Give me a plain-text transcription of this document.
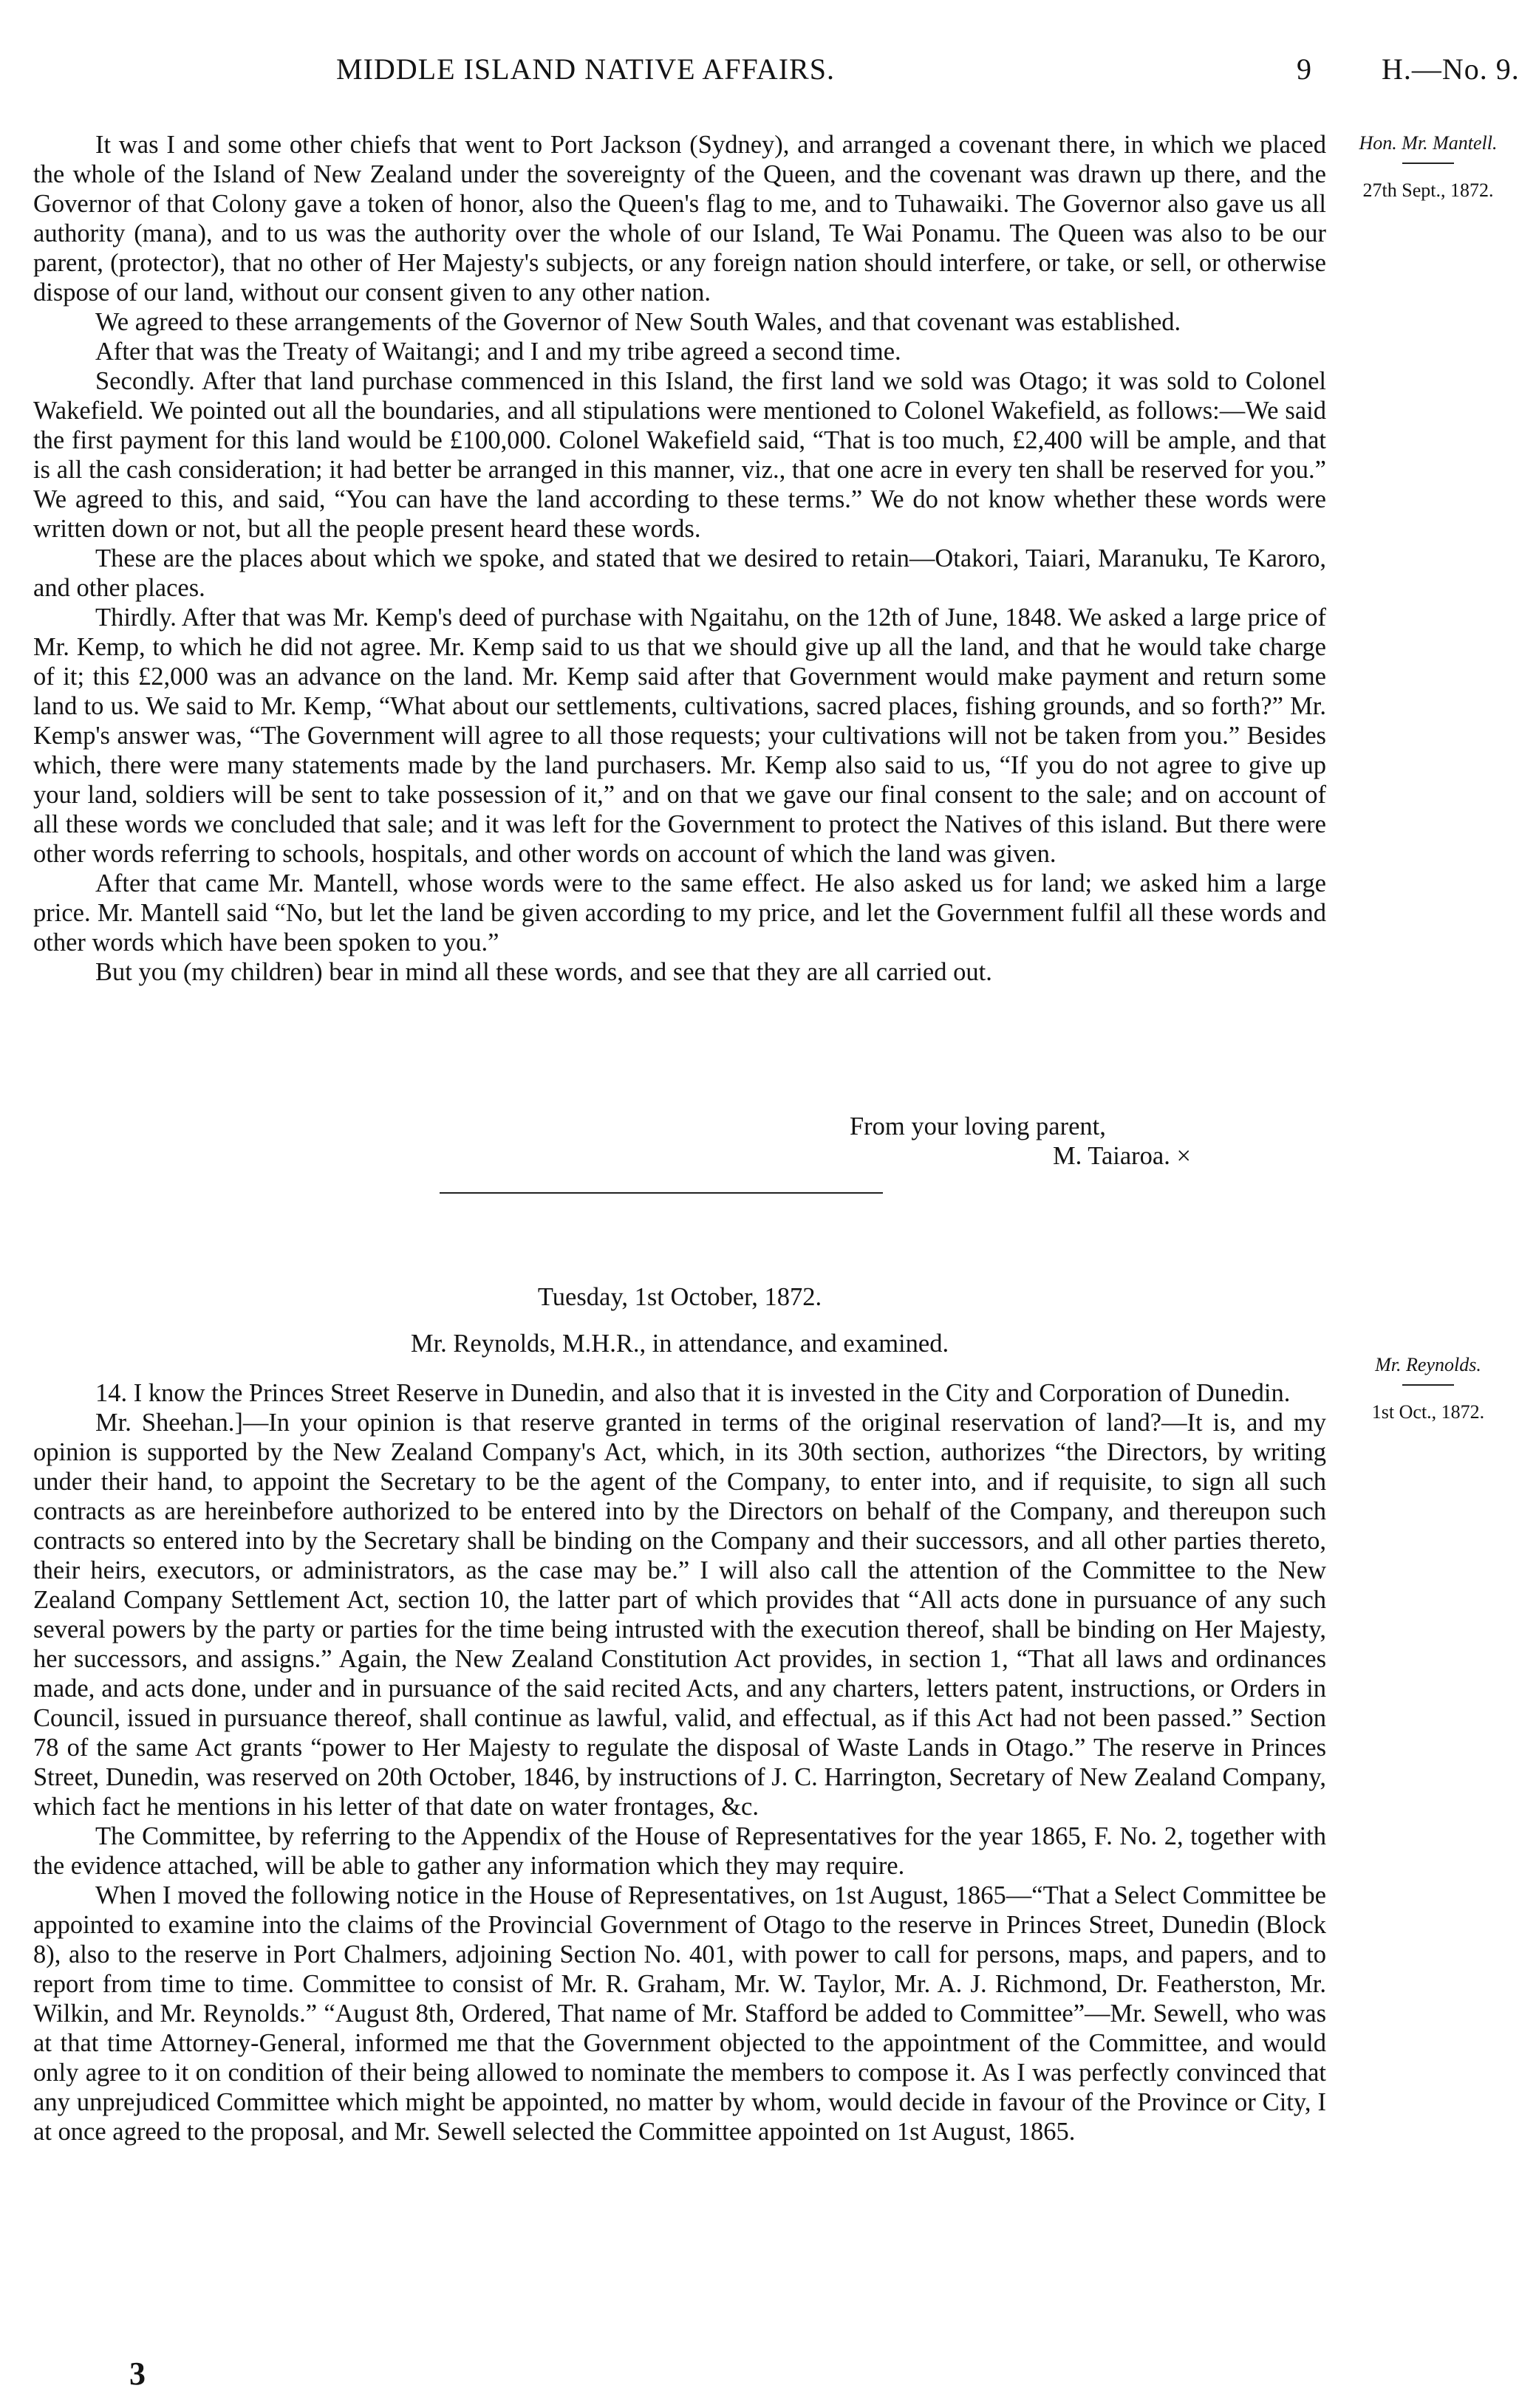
MIDDLE ISLAND NATIVE AFFAIRS.	9 H.—No. 9.
Hon. Mr. Mantell.
27th Sept., 1872.

It was I and some other chiefs that went to Port Jackson (Sydney), and arranged a covenant there, in which we placed the whole of the Island of New Zealand under the sovereignty of the Queen, and the covenant was drawn up there, and the Governor of that Colony gave a token of honor, also the Queen's flag to me, and to Tuhawaiki. The Governor also gave us all authority (mana), and to us was the authority over the whole of our Island, Te Wai Ponamu. The Queen was also to be our parent, (protector), that no other of Her Majesty's subjects, or any foreign nation should interfere, or take, or sell, or otherwise dispose of our land, without our consent given to any other nation.

We agreed to these arrangements of the Governor of New South Wales, and that covenant was established.

After that was the Treaty of Waitangi; and I and my tribe agreed a second time.

Secondly. After that land purchase commenced in this Island, the first land we sold was Otago; it was sold to Colonel Wakefield. We pointed out all the boundaries, and all stipulations were mentioned to Colonel Wakefield, as follows:—We said the first payment for this land would be £100,000. Colonel Wakefield said, “That is too much, £2,400 will be ample, and that is all the cash consideration; it had better be arranged in this manner, viz., that one acre in every ten shall be reserved for you.” We agreed to this, and said, “You can have the land according to these terms.” We do not know whether these words were written down or not, but all the people present heard these words.

These are the places about which we spoke, and stated that we desired to retain—Otakori, Taiari, Maranuku, Te Karoro, and other places.

Thirdly. After that was Mr. Kemp's deed of purchase with Ngaitahu, on the 12th of June, 1848. We asked a large price of Mr. Kemp, to which he did not agree. Mr. Kemp said to us that we should give up all the land, and that he would take charge of it; this £2,000 was an advance on the land. Mr. Kemp said after that Government would make payment and return some land to us. We said to Mr. Kemp, “What about our settlements, cultivations, sacred places, fishing grounds, and so forth?” Mr. Kemp's answer was, “The Government will agree to all those requests; your cultivations will not be taken from you.” Besides which, there were many statements made by the land purchasers. Mr. Kemp also said to us, “If you do not agree to give up your land, soldiers will be sent to take possession of it,” and on that we gave our final consent to the sale; and on account of all these words we concluded that sale; and it was left for the Government to protect the Natives of this island. But there were other words referring to schools, hospitals, and other words on account of which the land was given.

After that came Mr. Mantell, whose words were to the same effect. He also asked us for land; we asked him a large price. Mr. Mantell said “No, but let the land be given according to my price, and let the Government fulfil all these words and other words which have been spoken to you.”

But you (my children) bear in mind all these words, and see that they are all carried out.

From your loving parent,
M. Taiaroa. ×
Tuesday, 1st October, 1872.
Mr. Reynolds, M.H.R., in attendance, and examined.
Mr. Reynolds.
1st Oct., 1872.

14. I know the Princes Street Reserve in Dunedin, and also that it is invested in the City and Corporation of Dunedin.

Mr. Sheehan.]—In your opinion is that reserve granted in terms of the original reservation of land?—It is, and my opinion is supported by the New Zealand Company's Act, which, in its 30th section, authorizes “the Directors, by writing under their hand, to appoint the Secretary to be the agent of the Company, to enter into, and if requisite, to sign all such contracts as are hereinbefore authorized to be entered into by the Directors on behalf of the Company, and thereupon such contracts so entered into by the Secretary shall be binding on the Company and their successors, and all other parties thereto, their heirs, executors, or administrators, as the case may be.” I will also call the attention of the Committee to the New Zealand Company Settlement Act, section 10, the latter part of which provides that “All acts done in pursuance of any such several powers by the party or parties for the time being intrusted with the execution thereof, shall be binding on Her Majesty, her successors, and assigns.” Again, the New Zealand Constitution Act provides, in section 1, “That all laws and ordinances made, and acts done, under and in pursuance of the said recited Acts, and any charters, letters patent, instructions, or Orders in Council, issued in pursuance thereof, shall continue as lawful, valid, and effectual, as if this Act had not been passed.” Section 78 of the same Act grants “power to Her Majesty to regulate the disposal of Waste Lands in Otago.” The reserve in Princes Street, Dunedin, was reserved on 20th October, 1846, by instructions of J. C. Harrington, Secretary of New Zealand Company, which fact he mentions in his letter of that date on water frontages, &c.

The Committee, by referring to the Appendix of the House of Representatives for the year 1865, F. No. 2, together with the evidence attached, will be able to gather any information which they may require.

When I moved the following notice in the House of Representatives, on 1st August, 1865—“That a Select Committee be appointed to examine into the claims of the Provincial Government of Otago to the reserve in Princes Street, Dunedin (Block 8), also to the reserve in Port Chalmers, adjoining Section No. 401, with power to call for persons, maps, and papers, and to report from time to time. Committee to consist of Mr. R. Graham, Mr. W. Taylor, Mr. A. J. Richmond, Dr. Featherston, Mr. Wilkin, and Mr. Reynolds.” “August 8th, Ordered, That name of Mr. Stafford be added to Committee”—Mr. Sewell, who was at that time Attorney-General, informed me that the Government objected to the appointment of the Committee, and would only agree to it on condition of their being allowed to nominate the members to compose it. As I was perfectly convinced that any unprejudiced Committee which might be appointed, no matter by whom, would decide in favour of the Province or City, I at once agreed to the proposal, and Mr. Sewell selected the Committee appointed on 1st August, 1865.

3
